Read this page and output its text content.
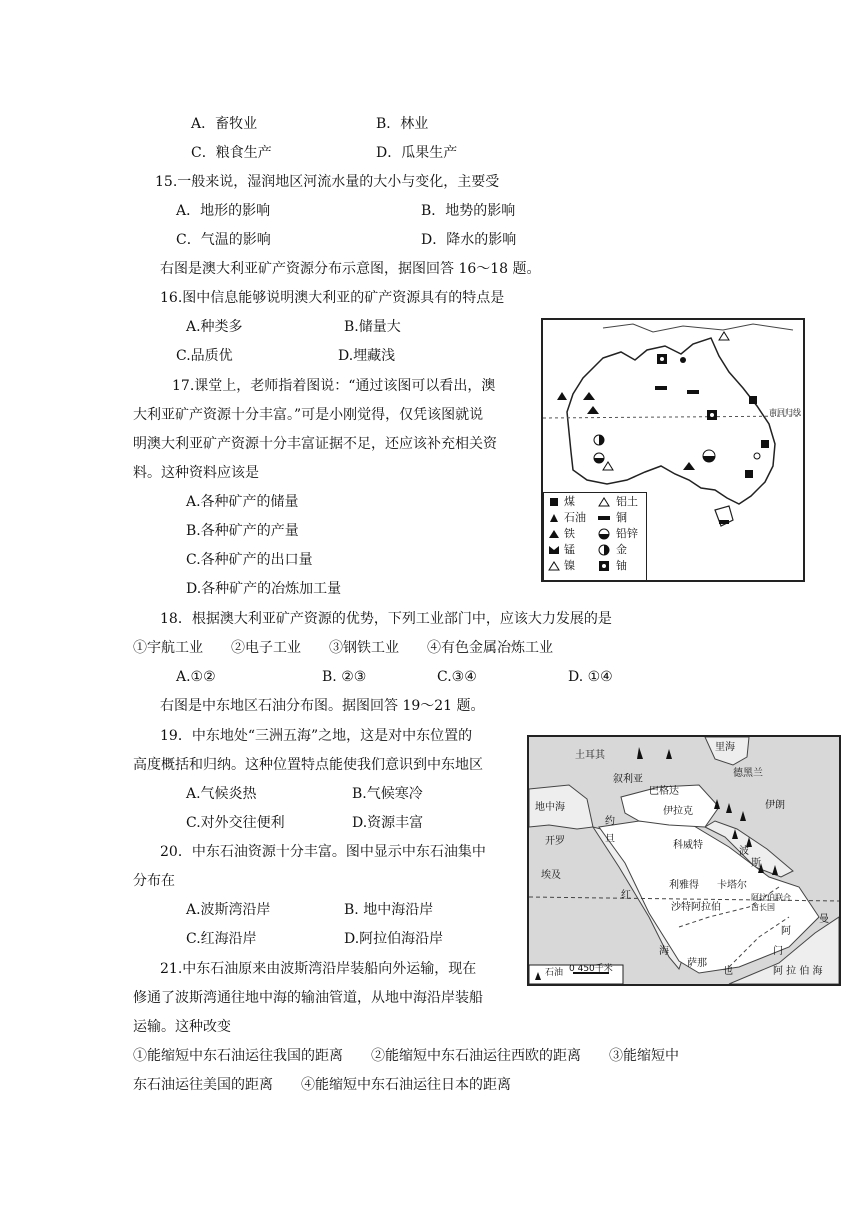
A．畜牧业	B．林业
C．粮食生产	D．瓜果生产
15.一般来说，湿润地区河流水量的大小与变化，主要受
A．地形的影响	B．地势的影响
C．气温的影响	D．降水的影响
右图是澳大利亚矿产资源分布示意图，据图回答 16～18 题。
16.图中信息能够说明澳大利亚的矿产资源具有的特点是
A.种类多	B.储量大
C.品质优	D.埋藏浅
17.课堂上，老师指着图说：“通过该图可以看出，澳
大利亚矿产资源十分丰富。”可是小刚觉得，仅凭该图就说
明澳大利亚矿产资源十分丰富证据不足，还应该补充相关资
料。这种资料应该是
A.各种矿产的储量
B.各种矿产的产量
C.各种矿产的出口量
D.各种矿产的冶炼加工量
18．根据澳大利亚矿产资源的优势，下列工业部门中，应该大力发展的是
①宇航工业　　②电子工业　　③钢铁工业　　④有色金属冶炼工业
A.①②	B. ②③	C.③④	D. ①④
右图是中东地区石油分布图。据图回答 19～21 题。
19．中东地处“三洲五海”之地，这是对中东位置的
高度概括和归纳。这种位置特点能使我们意识到中东地区
A.气候炎热	B.气候寒冷
C.对外交往便利	D.资源丰富
20．中东石油资源十分丰富。图中显示中东石油集中
分布在
A.波斯湾沿岸	B. 地中海沿岸
C.红海沿岸	D.阿拉伯海沿岸
21.中东石油原来由波斯湾沿岸装船向外运输，现在
修通了波斯湾通往地中海的输油管道，从地中海沿岸装船
运输。这种改变
①能缩短中东石油运往我国的距离　　②能缩短中东石油运往西欧的距离　　③能缩短中
东石油运往美国的距离　　④能缩短中东石油运往日本的距离
南回归线
煤
石油
铁
锰
镍
铝土
铜
铅锌
金
铀
土耳其
里海
德黑兰
叙利亚
巴格达
伊拉克
伊朗
地中海
约旦
开罗	科威特
波
斯
埃及
利雅得 卡塔尔
沙特阿拉伯
阿拉伯联合酋长国
红
海
萨那
也
门
阿
曼
阿 拉 伯 海
石油 0 450千米
